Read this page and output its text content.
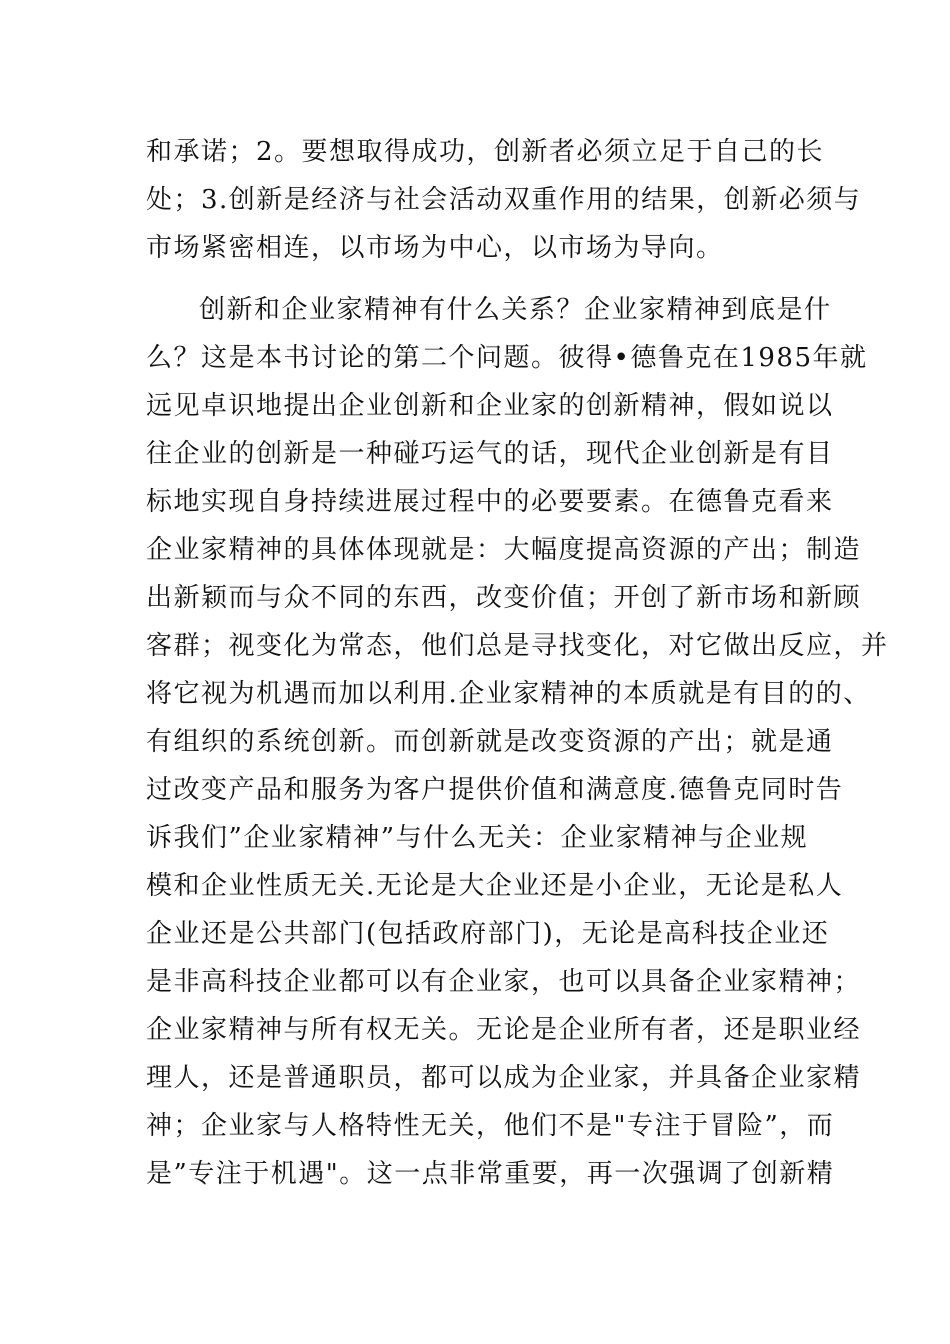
和承诺；2。要想取得成功，创新者必须立足于自己的长
处；3.创新是经济与社会活动双重作用的结果，创新必须与
市场紧密相连，以市场为中心，以市场为导向。
创新和企业家精神有什么关系？企业家精神到底是什
么？这是本书讨论的第二个问题。彼得•德鲁克在1985年就
远见卓识地提出企业创新和企业家的创新精神，假如说以
往企业的创新是一种碰巧运气的话，现代企业创新是有目
标地实现自身持续进展过程中的必要要素。在德鲁克看来
企业家精神的具体体现就是：大幅度提高资源的产出；制造
出新颖而与众不同的东西，改变价值；开创了新市场和新顾
客群；视变化为常态，他们总是寻找变化，对它做出反应，并
将它视为机遇而加以利用.企业家精神的本质就是有目的的、
有组织的系统创新。而创新就是改变资源的产出；就是通
过改变产品和服务为客户提供价值和满意度.德鲁克同时告
诉我们”企业家精神”与什么无关：企业家精神与企业规
模和企业性质无关.无论是大企业还是小企业，无论是私人
企业还是公共部门(包括政府部门)，无论是高科技企业还
是非高科技企业都可以有企业家，也可以具备企业家精神；
企业家精神与所有权无关。无论是企业所有者，还是职业经
理人，还是普通职员，都可以成为企业家，并具备企业家精
神；企业家与人格特性无关，他们不是"专注于冒险”，而
是”专注于机遇"。这一点非常重要，再一次强调了创新精
